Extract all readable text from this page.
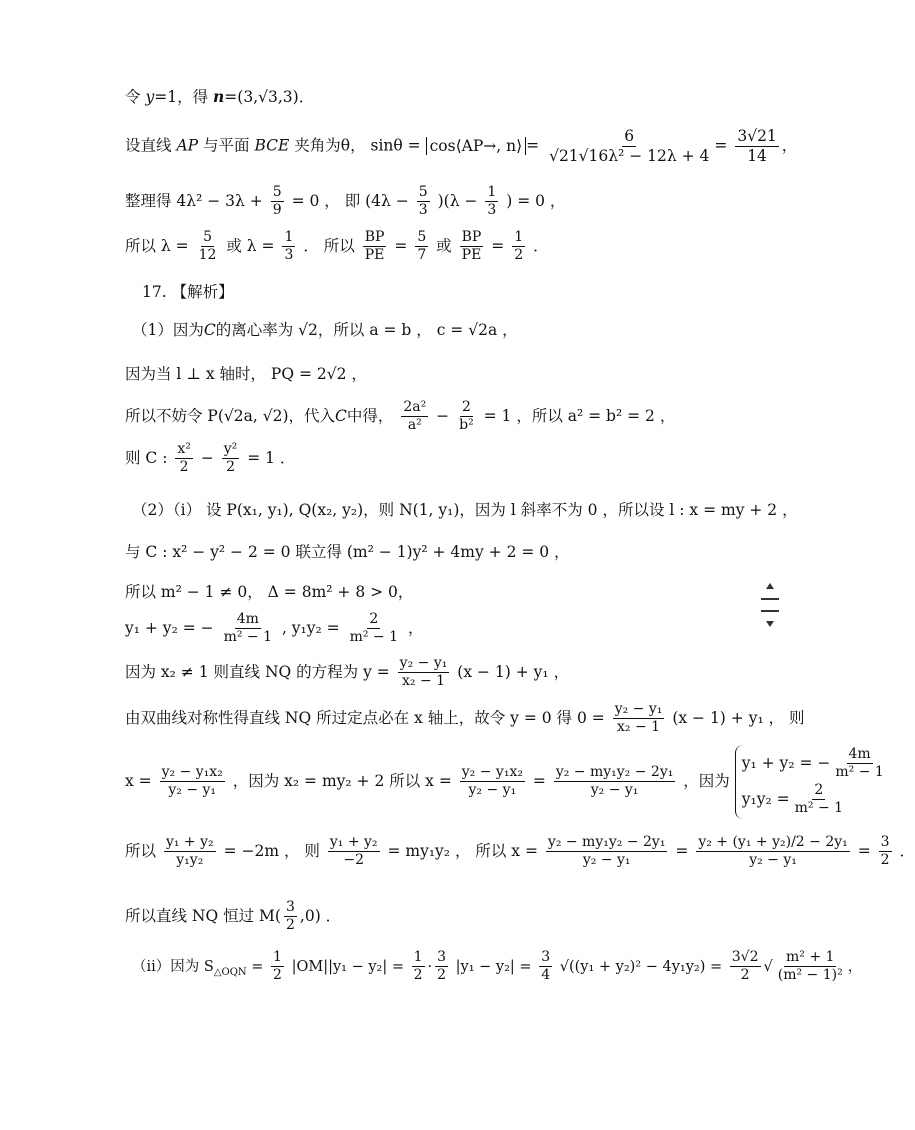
令 y=1，得 n=(3,√3,3)．
设直线 AP 与平面 BCE 夹角为θ， sinθ = cos⟨AP→, n⟩ = $\frac{6}{\text{√21√16λ² − 12λ + 4}} = \frac{3√21}{14}$ ，
整理得 $4\lambda^2 - 3\lambda + \frac{5}{9} = 0$ ， 即 $(4\lambda - \frac{5}{3} )(\lambda - \frac{1}{3}$ ) = 0 ，
所以 $\lambda = \frac{5}{12}$ 或 $\lambda = \frac{1}{3}$ ． 所以 $\frac{BP}{PE} = \frac{5}{7}$ 或 $\frac{BP}{PE} = \frac{1}{2}$ ．
17. 【解析】
（1）因为C的离心率为 √2，所以 a = b ， c = √2a ，
因为当 l ⊥ x 轴时， PQ = 2√2 ，
所以不妨令 P(√2a, √2)，代入C中得， $\frac{\text{2a²}}{\text{a²}} - \frac{2}{\text{b²}} = 1$ ，所以 a² = b² = 2 ，
则 C : $\frac{\text{x²}}{2} - \frac{\text{y²}}{2} = 1$ ．
（2）（i） 设 P(x₁, y₁), Q(x₂, y₂)，则 N(1, y₁)，因为 l 斜率不为 0 ，所以设 l : x = my + 2 ，
与 C : x² − y² − 2 = 0 联立得 (m² − 1)y² + 4my + 2 = 0 ，
所以 m² − 1 ≠ 0， Δ = 8m² + 8 > 0，
y₁ + y₂ = − $\frac{4m}{\text{m² − 1}}$ , $y_1y_2 = \frac{2}{\text{m² − 1}}$ ，
因为 x₂ ≠ 1 则直线 NQ 的方程为 $y = \frac{\text{y₂ − y₁}}{\text{x₂ − 1}} (x - 1) + y_1$ ，
由双曲线对称性得直线 NQ 所过定点必在 x 轴上，故令 y = 0 得 $0 = \frac{\text{y₂ − y₁}}{\text{x₂ − 1}} (x - 1) + y_1$ ， 则
$x = \frac{\text{y₂ − y₁x₂}}{\text{y₂ − y₁}}$ ，因为 x₂ = my₂ + 2 所以 $x = \frac{\text{y₂ − y₁x₂}}{\text{y₂ − y₁}} = \frac{\text{y₂ − my₁y₂ − 2y₁}}{\text{y₂ − y₁}}$ ，因为
y₁ + y₂ = − $\frac{4m}{\text{m² − 1}}$
$y_1y_2 = \frac{2}{\text{m² − 1}}$
所以 $\frac{\text{y₁ + y₂}}{\text{y₁y₂}} = -2m$ ， 则 $\frac{\text{y₁ + y₂}}{-2} = my_1y_2$ ， 所以 $x = \frac{\text{y₂ − my₁y₂ − 2y₁}}{\text{y₂ − y₁}} = \frac{\text{y₂ + (y₁ + y₂)/2 − 2y₁}}{\text{y₂ − y₁}} = \frac{3}{2}$ ．
所以直线 NQ 恒过 $M( \frac{3}{2} ,0)$ ．
（ii）因为 $S_{\triangle OQN} = \frac{1}{2} |OM||y_1 - y_2| = \frac{1}{2} \cdot \frac{3}{2} |y_1 - y_2| = \frac{3}{4} √((y_1 + y_2)^2 - 4y_1y_2) = \frac{3√2}{2}$ √ $\frac{\text{m² + 1}}{\text{(m² − 1)²}}$ ，
